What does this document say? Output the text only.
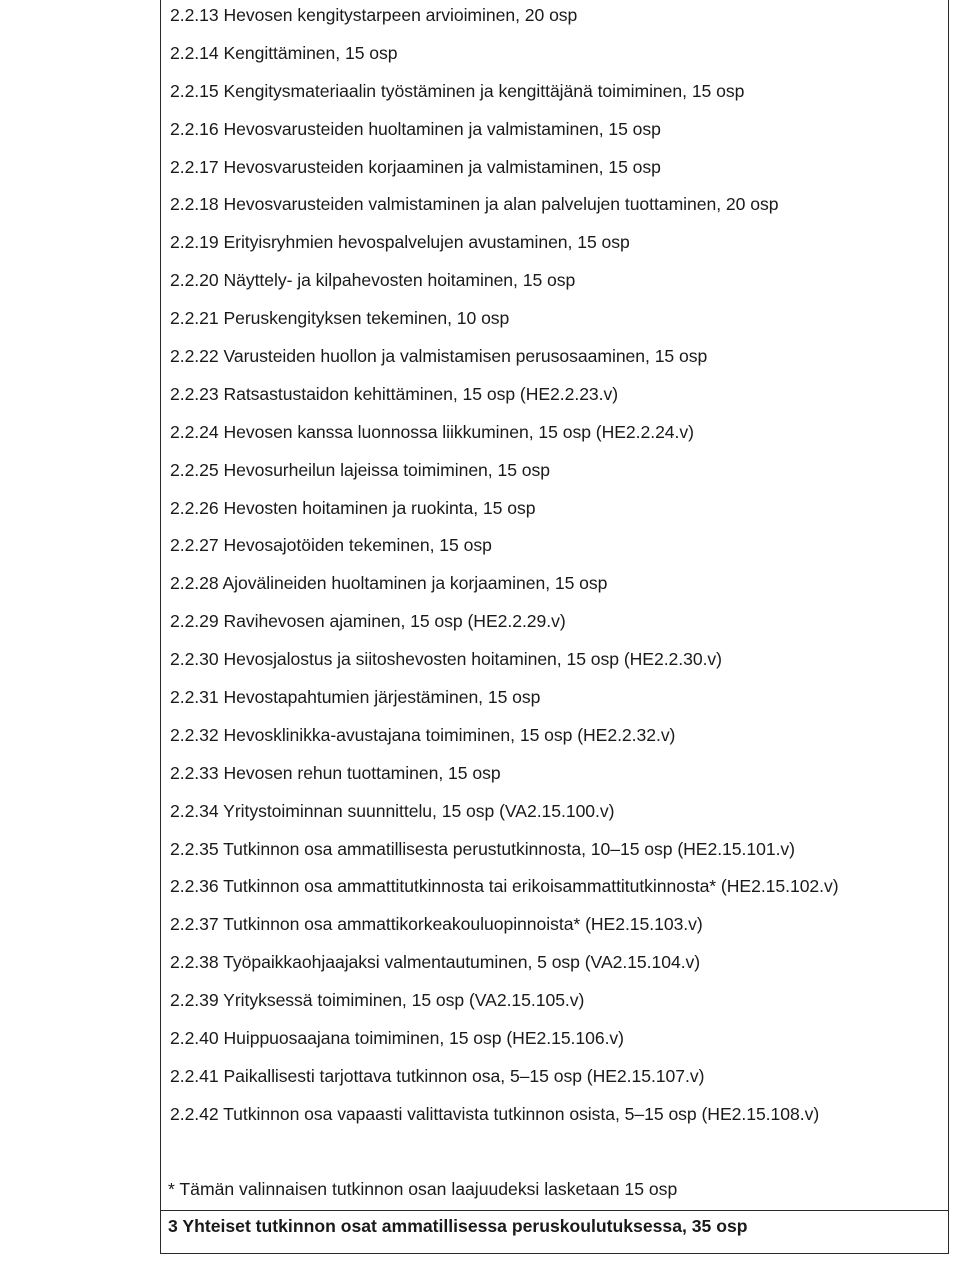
2.2.13 Hevosen kengitystarpeen arvioiminen, 20 osp
2.2.14 Kengittäminen, 15 osp
2.2.15 Kengitysmateriaalin työstäminen ja kengittäjänä toimiminen, 15 osp
2.2.16 Hevosvarusteiden huoltaminen ja valmistaminen, 15 osp
2.2.17 Hevosvarusteiden korjaaminen ja valmistaminen, 15 osp
2.2.18 Hevosvarusteiden valmistaminen ja alan palvelujen tuottaminen, 20 osp
2.2.19 Erityisryhmien hevospalvelujen avustaminen, 15 osp
2.2.20 Näyttely- ja kilpahevosten hoitaminen, 15 osp
2.2.21 Peruskengityksen tekeminen, 10 osp
2.2.22 Varusteiden huollon ja valmistamisen perusosaaminen, 15 osp
2.2.23 Ratsastustaidon kehittäminen, 15 osp (HE2.2.23.v)
2.2.24 Hevosen kanssa luonnossa liikkuminen, 15 osp (HE2.2.24.v)
2.2.25 Hevosurheilun lajeissa toimiminen, 15 osp
2.2.26 Hevosten hoitaminen ja ruokinta, 15 osp
2.2.27 Hevosajotöiden tekeminen, 15 osp
2.2.28 Ajovälineiden huoltaminen ja korjaaminen, 15 osp
2.2.29 Ravihevosen ajaminen, 15 osp (HE2.2.29.v)
2.2.30 Hevosjalostus ja siitoshevosten hoitaminen, 15 osp (HE2.2.30.v)
2.2.31 Hevostapahtumien järjestäminen, 15 osp
2.2.32 Hevosklinikka-avustajana toimiminen, 15 osp (HE2.2.32.v)
2.2.33 Hevosen rehun tuottaminen, 15 osp
2.2.34 Yritystoiminnan suunnittelu, 15 osp (VA2.15.100.v)
2.2.35 Tutkinnon osa ammatillisesta perustutkinnosta, 10–15 osp (HE2.15.101.v)
2.2.36 Tutkinnon osa ammattitutkinnosta tai erikoisammattitutkinnosta* (HE2.15.102.v)
2.2.37 Tutkinnon osa ammattikorkeakouluopinnoista* (HE2.15.103.v)
2.2.38 Työpaikkaohjaajaksi valmentautuminen, 5 osp (VA2.15.104.v)
2.2.39 Yrityksessä toimiminen, 15 osp (VA2.15.105.v)
2.2.40 Huippuosaajana toimiminen, 15 osp (HE2.15.106.v)
2.2.41 Paikallisesti tarjottava tutkinnon osa, 5–15 osp (HE2.15.107.v)
2.2.42 Tutkinnon osa vapaasti valittavista tutkinnon osista, 5–15 osp (HE2.15.108.v)
* Tämän valinnaisen tutkinnon osan laajuudeksi lasketaan 15 osp
3 Yhteiset tutkinnon osat ammatillisessa peruskoulutuksessa, 35 osp
